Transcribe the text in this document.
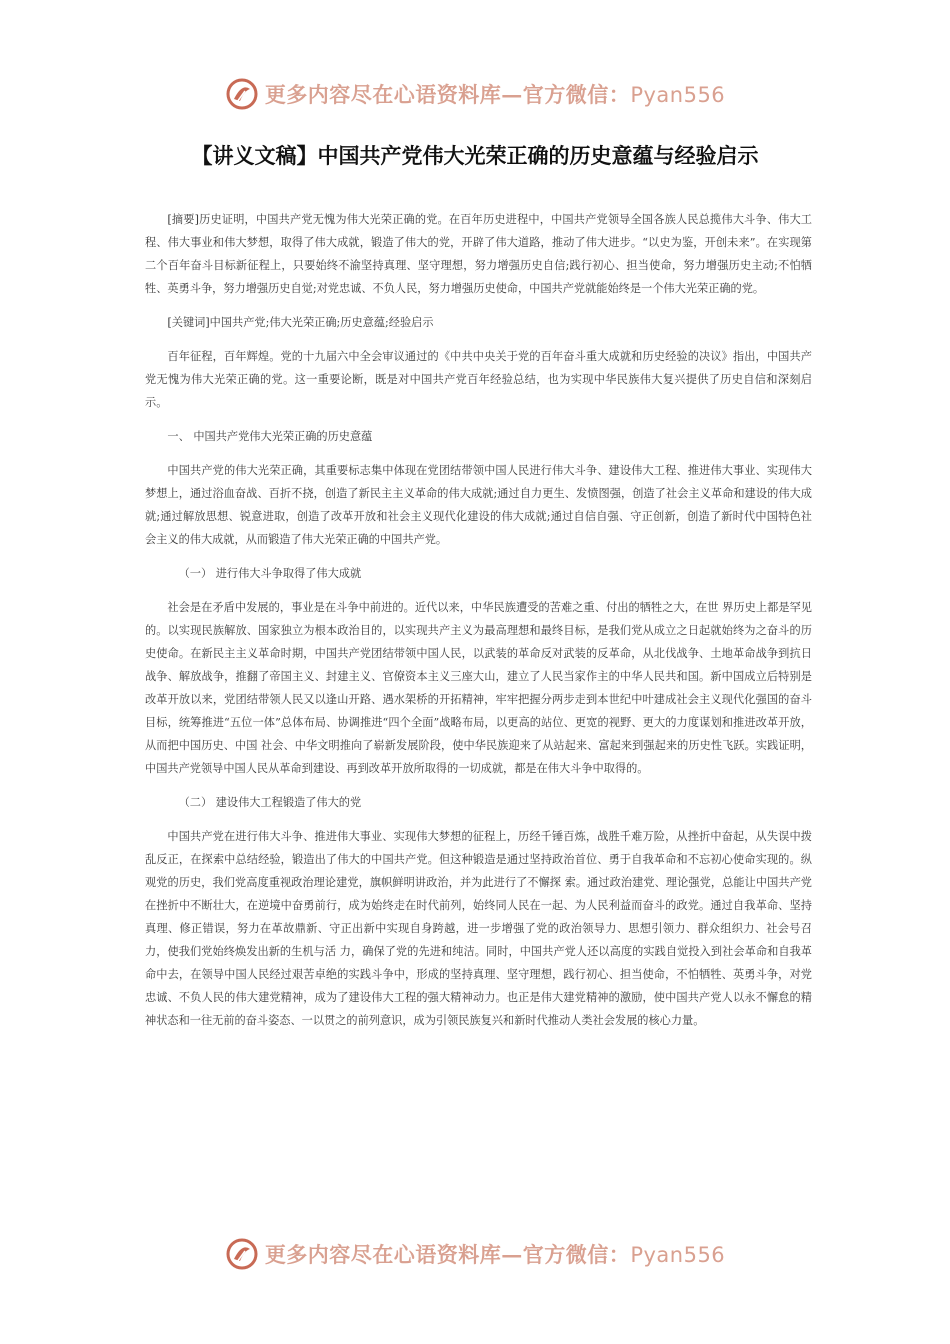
更多内容尽在心语资料库—官方微信：Pyan556
【讲义文稿】中国共产党伟大光荣正确的历史意蕴与经验启示

[摘要]历史证明，中国共产党无愧为伟大光荣正确的党。在百年历史进程中，中国共产党领导全国各族人民总揽伟大斗争、伟大工程、伟大事业和伟大梦想，取得了伟大成就，锻造了伟大的党，开辟了伟大道路，推动了伟大进步。“以史为鉴，开创未来”。在实现第二个百年奋斗目标新征程上，只要始终不渝坚持真理、坚守理想，努力增强历史自信;践行初心、担当使命，努力增强历史主动;不怕牺牲、英勇斗争，努力增强历史自觉;对党忠诚、不负人民，努力增强历史使命，中国共产党就能始终是一个伟大光荣正确的党。

[关键词]中国共产党;伟大光荣正确;历史意蕴;经验启示

百年征程，百年辉煌。党的十九届六中全会审议通过的《中共中央关于党的百年奋斗重大成就和历史经验的决议》指出，中国共产党无愧为伟大光荣正确的党。这一重要论断，既是对中国共产党百年经验总结，也为实现中华民族伟大复兴提供了历史自信和深刻启示。

一、 中国共产党伟大光荣正确的历史意蕴

中国共产党的伟大光荣正确，其重要标志集中体现在党团结带领中国人民进行伟大斗争、建设伟大工程、推进伟大事业、实现伟大梦想上，通过浴血奋战、百折不挠，创造了新民主主义革命的伟大成就;通过自力更生、发愤图强，创造了社会主义革命和建设的伟大成就;通过解放思想、锐意进取，创造了改革开放和社会主义现代化建设的伟大成就;通过自信自强、守正创新，创造了新时代中国特色社会主义的伟大成就，从而锻造了伟大光荣正确的中国共产党。

（一） 进行伟大斗争取得了伟大成就

社会是在矛盾中发展的，事业是在斗争中前进的。近代以来，中华民族遭受的苦难之重、付出的牺牲之大，在世 界历史上都是罕见的。以实现民族解放、国家独立为根本政治目的，以实现共产主义为最高理想和最终目标，是我们党从成立之日起就始终为之奋斗的历史使命。在新民主主义革命时期，中国共产党团结带领中国人民，以武装的革命反对武装的反革命，从北伐战争、土地革命战争到抗日战争、解放战争，推翻了帝国主义、封建主义、官僚资本主义三座大山，建立了人民当家作主的中华人民共和国。新中国成立后特别是改革开放以来，党团结带领人民又以逢山开路、遇水架桥的开拓精神，牢牢把握分两步走到本世纪中叶建成社会主义现代化强国的奋斗目标，统筹推进“五位一体”总体布局、协调推进“四个全面”战略布局，以更高的站位、更宽的视野、更大的力度谋划和推进改革开放，从而把中国历史、中国 社会、中华文明推向了崭新发展阶段，使中华民族迎来了从站起来、富起来到强起来的历史性飞跃。实践证明，中国共产党领导中国人民从革命到建设、再到改革开放所取得的一切成就，都是在伟大斗争中取得的。

（二） 建设伟大工程锻造了伟大的党

中国共产党在进行伟大斗争、推进伟大事业、实现伟大梦想的征程上，历经千锤百炼，战胜千难万险，从挫折中奋起，从失误中拨乱反正，在探索中总结经验，锻造出了伟大的中国共产党。但这种锻造是通过坚持政治首位、勇于自我革命和不忘初心使命实现的。纵观党的历史，我们党高度重视政治理论建党，旗帜鲜明讲政治，并为此进行了不懈探 索。通过政治建党、理论强党，总能让中国共产党在挫折中不断壮大，在逆境中奋勇前行，成为始终走在时代前列，始终同人民在一起、为人民利益而奋斗的政党。通过自我革命、坚持真理、修正错误，努力在革故鼎新、守正出新中实现自身跨越，进一步增强了党的政治领导力、思想引领力、群众组织力、社会号召力，使我们党始终焕发出新的生机与活 力，确保了党的先进和纯洁。同时，中国共产党人还以高度的实践自觉投入到社会革命和自我革命中去，在领导中国人民经过艰苦卓绝的实践斗争中，形成的坚持真理、坚守理想，践行初心、担当使命，不怕牺牲、英勇斗争，对党忠诚、不负人民的伟大建党精神，成为了建设伟大工程的强大精神动力。也正是伟大建党精神的激励，使中国共产党人以永不懈怠的精神状态和一往无前的奋斗姿态、一以贯之的前列意识，成为引领民族复兴和新时代推动人类社会发展的核心力量。

更多内容尽在心语资料库—官方微信：Pyan556
